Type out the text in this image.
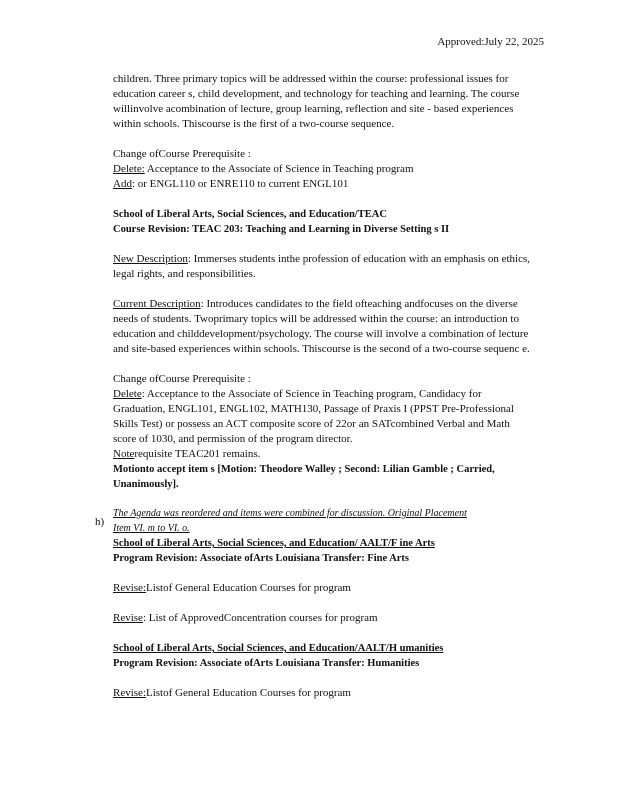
Approved:July 22, 2025
children. Three primary topics will be addressed within the course: professional issues for education career s, child development, and technology for teaching and learning. The course willinvolve acombination of lecture, group learning, reflection and site - based experiences within schools. Thiscourse is the first of a two-course sequence.
Change ofCourse Prerequisite :
Delete: Acceptance to the Associate of Science in Teaching program
Add: or ENGL110 or ENRE110 to current ENGL101
School of Liberal Arts, Social Sciences, and Education/TEAC
Course Revision: TEAC 203: Teaching and Learning in Diverse Setting s II
New Description: Immerses students inthe profession of education with an emphasis on ethics, legal rights, and responsibilities.
Current Description: Introduces candidates to the field ofteaching andfocuses on the diverse needs of students. Twoprimary topics will be addressed within the course: an introduction to education and childdevelopment/psychology. The course will involve a combination of lecture and site-based experiences within schools. Thiscourse is the second of a two-course sequenc e.
Change ofCourse Prerequisite :
Delete: Acceptance to the Associate of Science in Teaching program, Candidacy for Graduation, ENGL101, ENGL102, MATH130, Passage of Praxis I (PPST Pre-Professional Skills Test) or possess an ACT composite score of 22or an SATcombined Verbal and Math score of 1030, and permission of the program director.
Noterequisite TEAC201 remains.
Motionto accept item s [Motion: Theodore Walley ; Second: Lilian Gamble ; Carried, Unanimously].
The Agenda was reordered and items were combined for discussion. Original Placement
Item VI. m to VI. o.
School of Liberal Arts, Social Sciences, and Education/ AALT/F ine Arts
Program Revision: Associate ofArts Louisiana Transfer: Fine Arts
Revise:Listof General Education Courses for program
Revise: List of ApprovedConcentration courses for program
School of Liberal Arts, Social Sciences, and Education/AALT/H umanities
Program Revision: Associate ofArts Louisiana Transfer: Humanities
Revise:Listof General Education Courses for program
h)
